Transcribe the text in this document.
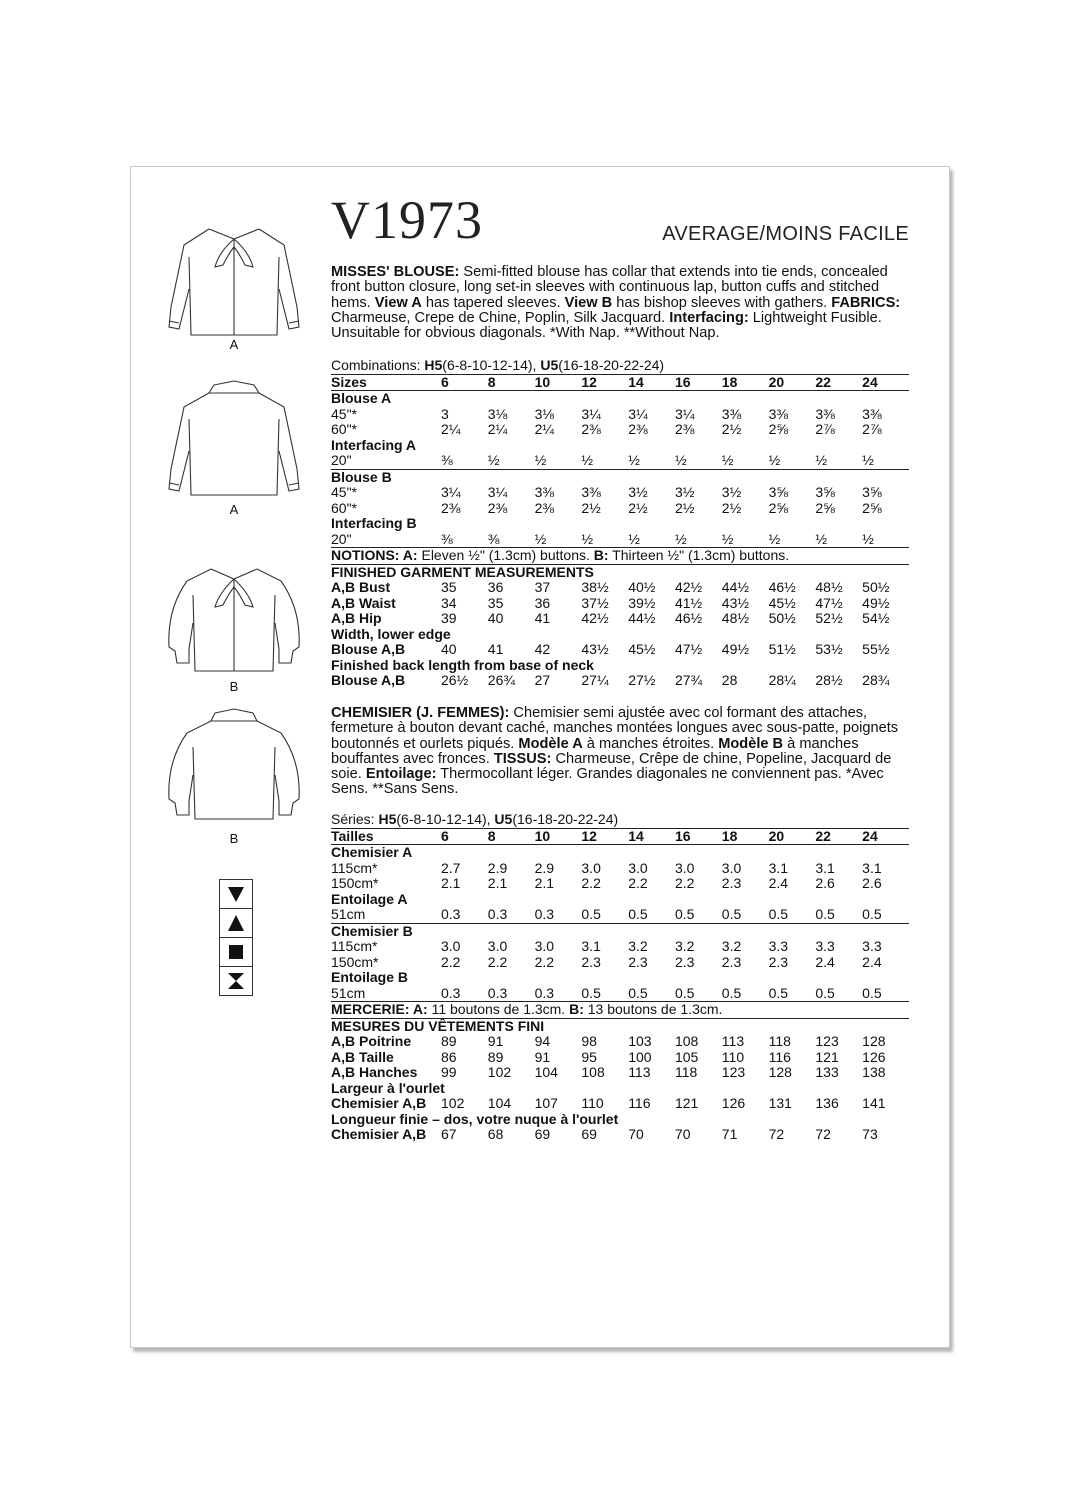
V1973	AVERAGE/MOINS FACILE
MISSES' BLOUSE: Semi-fitted blouse has collar that extends into tie ends, concealed front button closure, long set-in sleeves with continuous lap, button cuffs and stitched hems. View A has tapered sleeves. View B has bishop sleeves with gathers. FABRICS: Charmeuse, Crepe de Chine, Poplin, Silk Jacquard. Interfacing: Lightweight Fusible. Unsuitable for obvious diagonals. *With Nap. **Without Nap.
A
A
B
B
Combinations: H5(6-8-10-12-14), U5(16-18-20-22-24)
Sizes	6	8	10	12	14	16	18	20	22	24
Blouse A										
45"*	3	3⅛	3⅛	3¼	3¼	3¼	3⅜	3⅜	3⅜	3⅜
60"*	2¼	2¼	2¼	2⅜	2⅜	2⅜	2½	2⅝	2⅞	2⅞
Interfacing A										
20"	⅜	½	½	½	½	½	½	½	½	½
Blouse B										
45"*	3¼	3¼	3⅜	3⅜	3½	3½	3½	3⅝	3⅝	3⅝
60"*	2⅜	2⅜	2⅜	2½	2½	2½	2½	2⅝	2⅝	2⅝
Interfacing B										
20"	⅜	⅜	½	½	½	½	½	½	½	½
NOTIONS: A: Eleven ½" (1.3cm) buttons. B: Thirteen ½" (1.3cm) buttons.										
FINISHED GARMENT MEASUREMENTS										
A,B Bust	35	36	37	38½	40½	42½	44½	46½	48½	50½
A,B Waist	34	35	36	37½	39½	41½	43½	45½	47½	49½
A,B Hip	39	40	41	42½	44½	46½	48½	50½	52½	54½
Width, lower edge										
Blouse A,B	40	41	42	43½	45½	47½	49½	51½	53½	55½
Finished back length from base of neck										
Blouse A,B	26½	26¾	27	27¼	27½	27¾	28	28¼	28½	28¾
CHEMISIER (J. FEMMES): Chemisier semi ajustée avec col formant des attaches, fermeture à bouton devant caché, manches montées longues avec sous-patte, poignets boutonnés et ourlets piqués. Modèle A à manches étroites. Modèle B à manches bouffantes avec fronces. TISSUS: Charmeuse, Crêpe de chine, Popeline, Jacquard de soie. Entoilage: Thermocollant léger. Grandes diagonales ne conviennent pas. *Avec Sens. **Sans Sens.
Séries: H5(6-8-10-12-14), U5(16-18-20-22-24)
Tailles	6	8	10	12	14	16	18	20	22	24
Chemisier A										
115cm*	2.7	2.9	2.9	3.0	3.0	3.0	3.0	3.1	3.1	3.1
150cm*	2.1	2.1	2.1	2.2	2.2	2.2	2.3	2.4	2.6	2.6
Entoilage A										
51cm	0.3	0.3	0.3	0.5	0.5	0.5	0.5	0.5	0.5	0.5
Chemisier B										
115cm*	3.0	3.0	3.0	3.1	3.2	3.2	3.2	3.3	3.3	3.3
150cm*	2.2	2.2	2.2	2.3	2.3	2.3	2.3	2.3	2.4	2.4
Entoilage B										
51cm	0.3	0.3	0.3	0.5	0.5	0.5	0.5	0.5	0.5	0.5
MERCERIE: A: 11 boutons de 1.3cm. B: 13 boutons de 1.3cm.										
MESURES DU VÊTEMENTS FINI										
A,B Poitrine	89	91	94	98	103	108	113	118	123	128
A,B Taille	86	89	91	95	100	105	110	116	121	126
A,B Hanches	99	102	104	108	113	118	123	128	133	138
Largeur à l'ourlet										
Chemisier A,B	102	104	107	110	116	121	126	131	136	141
Longueur finie – dos, votre nuque à l'ourlet										
Chemisier A,B	67	68	69	69	70	70	71	72	72	73
